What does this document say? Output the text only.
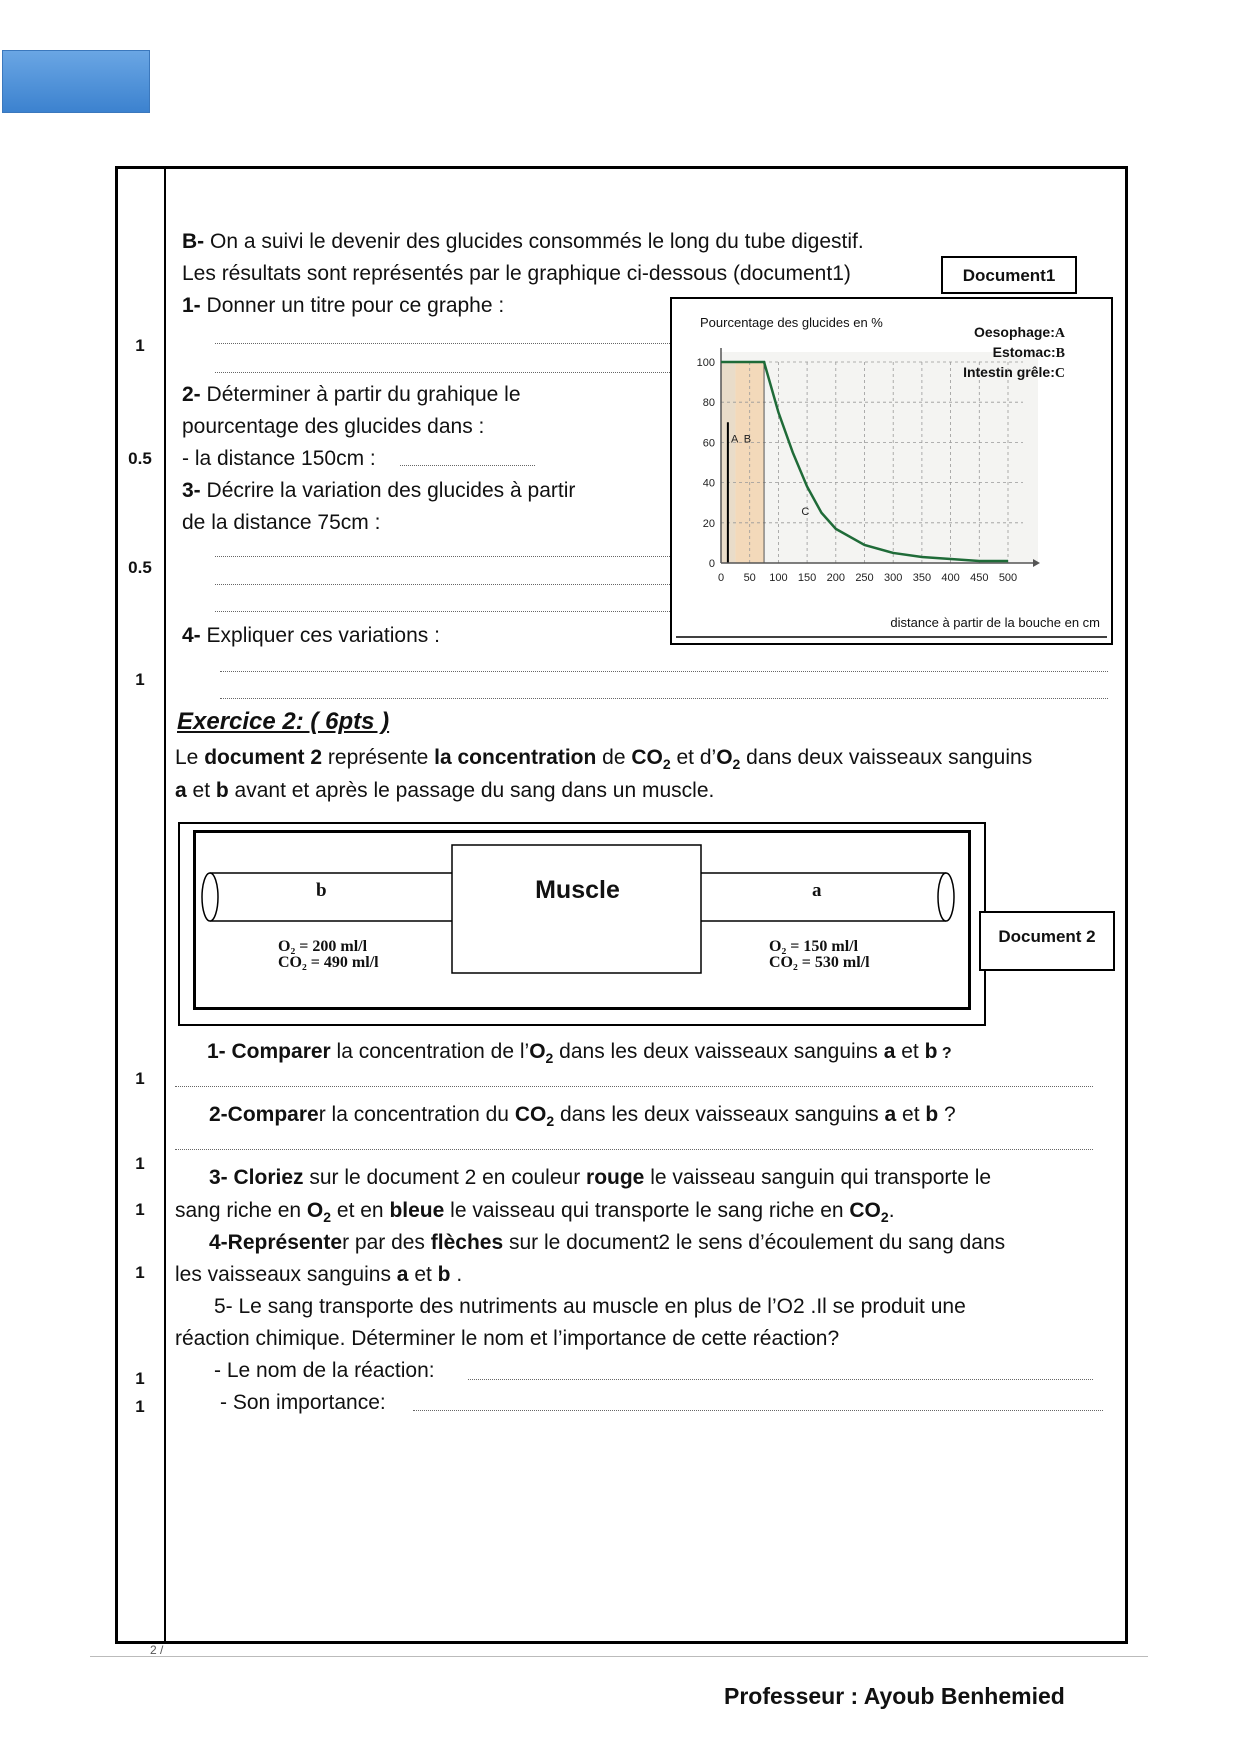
1
0.5
0.5
1
1
1
1
1
1
1
B- On a suivi le devenir des glucides consommés le long du tube digestif.
Les résultats sont représentés par le graphique ci-dessous (document1)	Document1
1- Donner un titre pour ce graphe :
2- Déterminer à partir du grahique le
pourcentage des glucides dans :
- la distance 150cm :
3- Décrire la variation des glucides à partir
de la distance 75cm :
4- Expliquer ces variations :
0 50 100 150 200 250 300 350 400 450 500
0
20
40
60
80
100
A B
C
Pourcentage des glucides en %
distance à partir de la bouche en cm
Oesophage:A
Estomac:B
Intestin grêle:C
Exercice 2: ( 6pts )
Le document 2 représente la concentration de $CO_2$ et $d’O_2$ dans deux vaisseaux sanguins
a et b avant et après le passage du sang dans un muscle.
Muscle
b	a
O₂ = 200 ml/l
CO₂ = 490 ml/l
O₂ = 150 ml/l
CO₂ = 530 ml/l
Document 2
1- Comparer la concentration de $l’O_2$ dans les deux vaisseaux sanguins a et b ?
2-Comparer la concentration du $CO_2$ dans les deux vaisseaux sanguins a et b ?
3- Cloriez sur le document 2 en couleur rouge le vaisseau sanguin qui transporte le
sang riche en $O_2$ et en bleue le vaisseau qui transporte le sang riche en $CO_2$.
4-Représenter par des flèches sur le document2 le sens d’écoulement du sang dans
les vaisseaux sanguins a et b .
5- Le sang transporte des nutriments au muscle en plus de l’O2 .Il se produit une
réaction chimique. Déterminer le nom et l’importance de cette réaction?
- Le nom de la réaction:
- Son importance:
2 /
Professeur : Ayoub Benhemied
